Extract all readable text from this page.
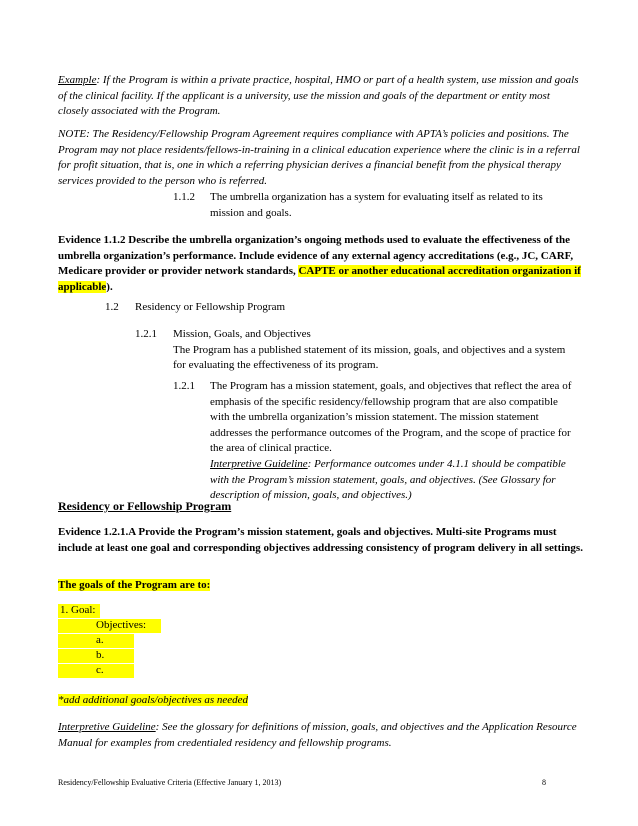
Example: If the Program is within a private practice, hospital, HMO or part of a health system, use mission and goals of the clinical facility. If the applicant is a university, use the mission and goals of the department or entity most closely associated with the Program.

NOTE: The Residency/Fellowship Program Agreement requires compliance with APTA’s policies and positions. The Program may not place residents/fellows-in-training in a clinical education experience where the clinic is in a referral for profit situation, that is, one in which a referring physician derives a financial benefit from the physical therapy services provided to the person who is referred.

1.1.2 The umbrella organization has a system for evaluating itself as related to its mission and goals.

Evidence 1.1.2 Describe the umbrella organization’s ongoing methods used to evaluate the effectiveness of the umbrella organization’s performance. Include evidence of any external agency accreditations (e.g., JC, CARF, Medicare provider or provider network standards, CAPTE or another educational accreditation organization if applicable).

1.2 Residency or Fellowship Program
1.2.1 Mission, Goals, and Objectives
The Program has a published statement of its mission, goals, and objectives and a system for evaluating the effectiveness of its program.
1.2.1 The Program has a mission statement, goals, and objectives that reflect the area of emphasis of the specific residency/fellowship program that are also compatible with the umbrella organization’s mission statement. The mission statement addresses the performance outcomes of the Program, and the scope of practice for the area of clinical practice.
Interpretive Guideline: Performance outcomes under 4.1.1 should be compatible with the Program’s mission statement, goals, and objectives. (See Glossary for description of mission, goals, and objectives.)
Residency or Fellowship Program

Evidence 1.2.1.A Provide the Program’s mission statement, goals and objectives. Multi-site Programs must include at least one goal and corresponding objectives addressing consistency of program delivery in all settings.

The goals of the Program are to:
1. Goal:
Objectives:
a.
b.
c.
*add additional goals/objectives as needed

Interpretive Guideline: See the glossary for definitions of mission, goals, and objectives and the Application Resource Manual for examples from credentialed residency and fellowship programs.

Residency/Fellowship Evaluative Criteria (Effective January 1, 2013)	8
